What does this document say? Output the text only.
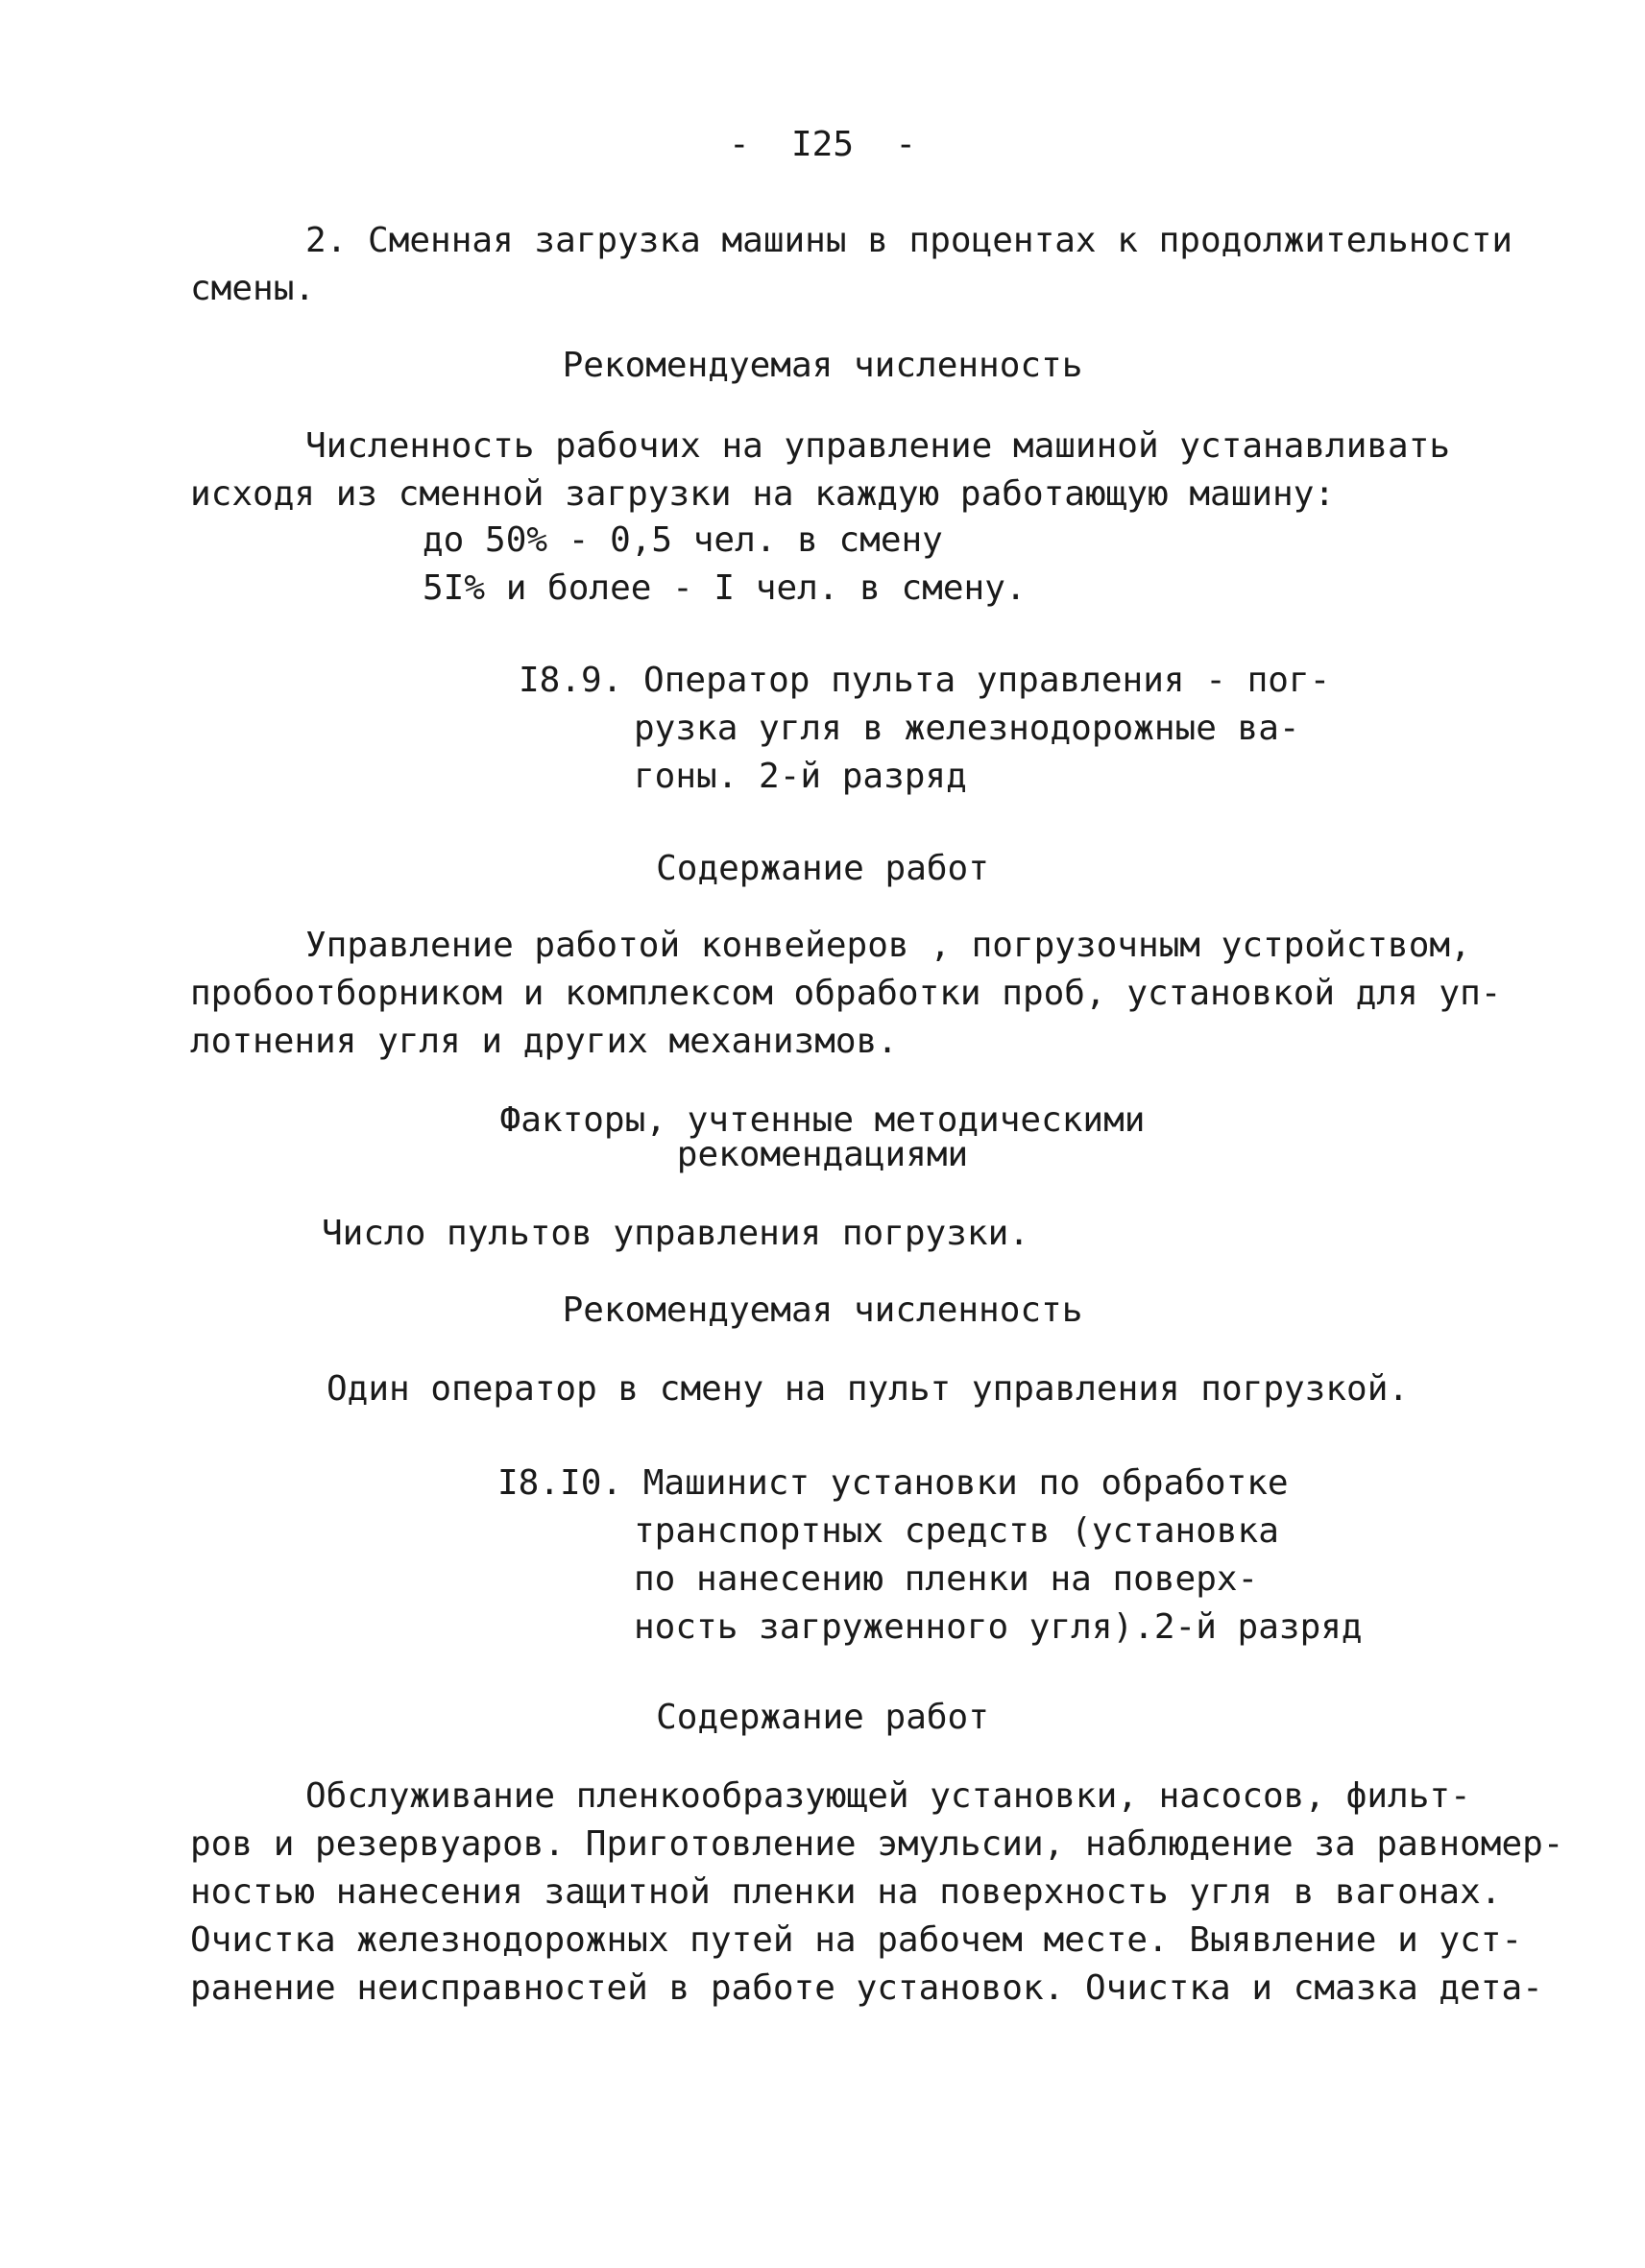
-  I25  -

2. Сменная загрузка машины в процентах к продолжительности

смены.

Рекомендуемая численность

Численность рабочих на управление машиной устанавливать

исходя из сменной загрузки на каждую работающую машину:

до 50% - 0,5 чел. в смену

5I% и более - I чел. в смену.

I8.9. Оператор пульта управления - пог-

рузка угля в железнодорожные ва-

гоны. 2-й разряд

Содержание работ

Управление работой конвейеров , погрузочным устройством,

пробоотборником и комплексом обработки проб, установкой для уп-

лотнения угля и других механизмов.

Факторы, учтенные методическими

рекомендациями

Число пультов управления погрузки.

Рекомендуемая численность

Один оператор в смену на пульт управления погрузкой.

I8.I0. Машинист установки по обработке

транспортных средств (установка

по нанесению пленки на поверх-

ность загруженного угля).2-й разряд

Содержание работ

Обслуживание пленкообразующей установки, насосов, фильт-

ров и резервуаров. Приготовление эмульсии, наблюдение за равномер-

ностью нанесения защитной пленки на поверхность угля в вагонах.

Очистка железнодорожных путей на рабочем месте. Выявление и уст-

ранение неисправностей в работе установок. Очистка и смазка дета-
